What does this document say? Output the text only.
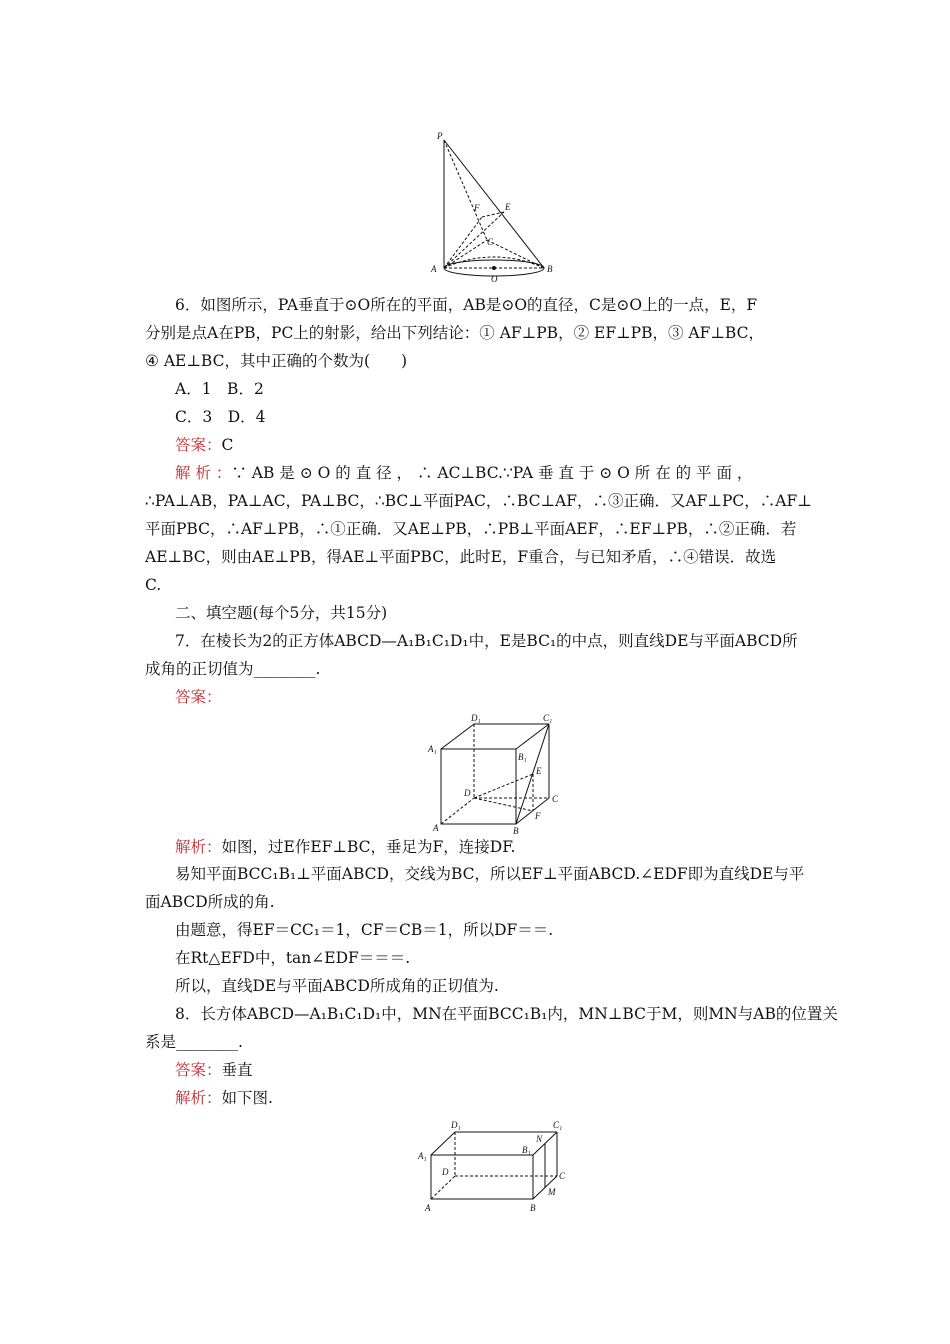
P
E
F
C
A
O
B
6．如图所示，PA垂直于⊙O所在的平面，AB是⊙O的直径，C是⊙O上的一点，E，F
分别是点A在PB，PC上的射影，给出下列结论：① AF⊥PB，② EF⊥PB，③ AF⊥BC，
④ AE⊥BC，其中正确的个数为(　　)
A．1　B．2
C．3　D．4
答案：C
解 析 ：∵ AB 是 ⊙ O 的 直 径 ， ∴ AC⊥BC.∵PA 垂 直 于 ⊙ O 所 在 的 平 面 ，
∴PA⊥AB，PA⊥AC，PA⊥BC，∴BC⊥平面PAC，∴BC⊥AF，∴③正确．又AF⊥PC，∴AF⊥
平面PBC，∴AF⊥PB，∴①正确．又AE⊥PB，∴PB⊥平面AEF，∴EF⊥PB，∴②正确．若
AE⊥BC，则由AE⊥PB，得AE⊥平面PBC，此时E，F重合，与已知矛盾，∴④错误．故选
C.
二、填空题(每个5分，共15分)
7．在棱长为2的正方体ABCD—A₁B₁C₁D₁中，E是BC₁的中点，则直线DE与平面ABCD所
成角的正切值为________.
答案：
D₁	C₁
A₁
B₁
E
D
C
F
A	B
解析：如图，过E作EF⊥BC，垂足为F，连接DF.
易知平面BCC₁B₁⊥平面ABCD，交线为BC，所以EF⊥平面ABCD.∠EDF即为直线DE与平
面ABCD所成的角.
由题意，得EF＝CC₁＝1，CF＝CB＝1，所以DF＝＝.
在Rt△EFD中，tan∠EDF＝＝＝.
所以，直线DE与平面ABCD所成角的正切值为.
8．长方体ABCD—A₁B₁C₁D₁中，MN在平面BCC₁B₁内，MN⊥BC于M，则MN与AB的位置关
系是________.
答案：垂直
解析：如下图.
D₁	C₁
N
A₁
B₁
D	C
M
A	B
